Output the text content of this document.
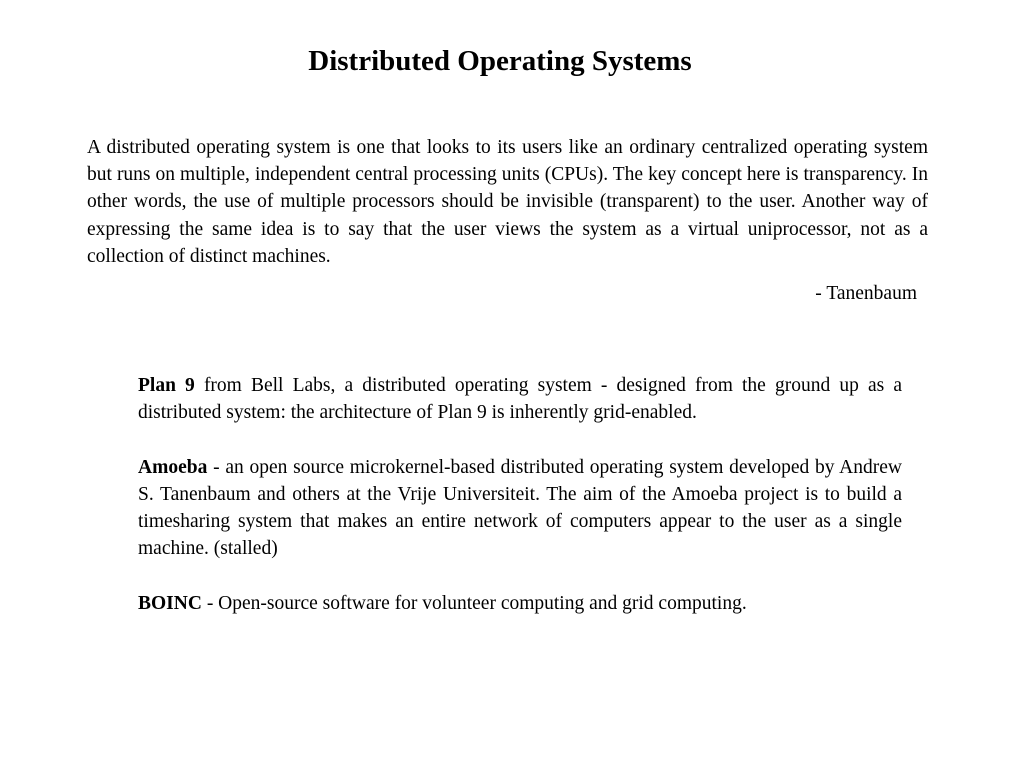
Distributed Operating Systems

A distributed operating system is one that looks to its users like an ordinary centralized operating system but runs on multiple, independent central processing units (CPUs). The key concept here is transparency. In other words, the use of multiple processors should be invisible (transparent) to the user. Another way of expressing the same idea is to say that the user views the system as a virtual uniprocessor, not as a collection of distinct machines.

- Tanenbaum

Plan 9 from Bell Labs, a distributed operating system - designed from the ground up as a distributed system: the architecture of Plan 9 is inherently grid-enabled.

Amoeba - an open source microkernel-based distributed operating system developed by Andrew S. Tanenbaum and others at the Vrije Universiteit. The aim of the Amoeba project is to build a timesharing system that makes an entire network of computers appear to the user as a single machine. (stalled)

BOINC - Open-source software for volunteer computing and grid computing.
